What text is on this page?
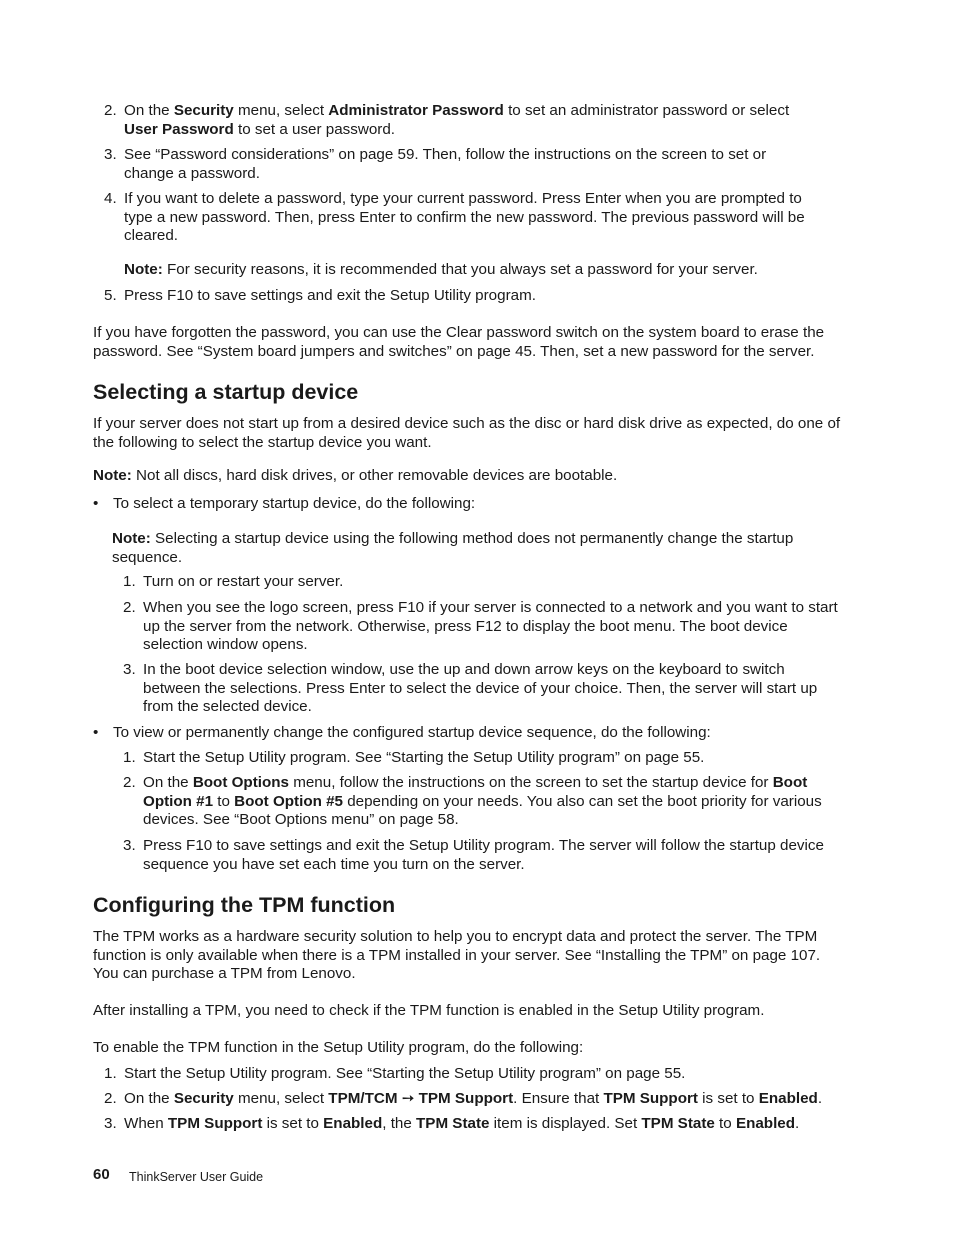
2. On the Security menu, select Administrator Password to set an administrator password or select User Password to set a user password.
3. See “Password considerations” on page 59. Then, follow the instructions on the screen to set or change a password.
4. If you want to delete a password, type your current password. Press Enter when you are prompted to type a new password. Then, press Enter to confirm the new password. The previous password will be cleared.
Note: For security reasons, it is recommended that you always set a password for your server.
5. Press F10 to save settings and exit the Setup Utility program.

If you have forgotten the password, you can use the Clear password switch on the system board to erase the password. See “System board jumpers and switches” on page 45. Then, set a new password for the server.

Selecting a startup device

If your server does not start up from a desired device such as the disc or hard disk drive as expected, do one of the following to select the startup device you want.

Note: Not all discs, hard disk drives, or other removable devices are bootable.

• To select a temporary startup device, do the following:

Note: Selecting a startup device using the following method does not permanently change the startup sequence.

1. Turn on or restart your server.
2. When you see the logo screen, press F10 if your server is connected to a network and you want to start up the server from the network. Otherwise, press F12 to display the boot menu. The boot device selection window opens.
3. In the boot device selection window, use the up and down arrow keys on the keyboard to switch between the selections. Press Enter to select the device of your choice. Then, the server will start up from the selected device.
• To view or permanently change the configured startup device sequence, do the following:
1. Start the Setup Utility program. See “Starting the Setup Utility program” on page 55.
2. On the Boot Options menu, follow the instructions on the screen to set the startup device for Boot Option #1 to Boot Option #5 depending on your needs. You also can set the boot priority for various devices. See “Boot Options menu” on page 58.
3. Press F10 to save settings and exit the Setup Utility program. The server will follow the startup device sequence you have set each time you turn on the server.
Configuring the TPM function

The TPM works as a hardware security solution to help you to encrypt data and protect the server. The TPM function is only available when there is a TPM installed in your server. See “Installing the TPM” on page 107. You can purchase a TPM from Lenovo.

After installing a TPM, you need to check if the TPM function is enabled in the Setup Utility program.

To enable the TPM function in the Setup Utility program, do the following:

1. Start the Setup Utility program. See “Starting the Setup Utility program” on page 55.
2. On the Security menu, select TPM/TCM ➙ TPM Support. Ensure that TPM Support is set to Enabled.
3. When TPM Support is set to Enabled, the TPM State item is displayed. Set TPM State to Enabled.
60 ThinkServer User Guide
